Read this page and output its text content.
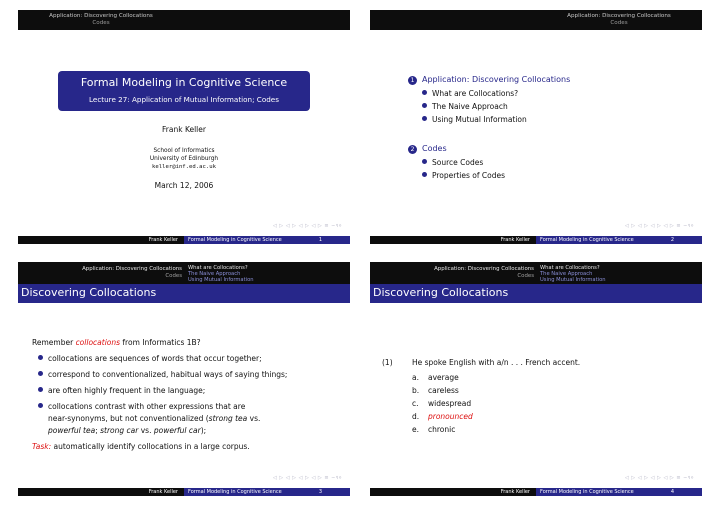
Application: Discovering Collocations
Codes
Formal Modeling in Cognitive Science
Lecture 27: Application of Mutual Information; Codes
Frank Keller
School of Informatics
University of Edinburgh
keller@inf.ed.ac.uk
March 12, 2006
◁ ▷ ◁ ▷ ◁ ▷ ◁ ▷ ≡ ∽९०
Frank Keller Formal Modeling in Cognitive Science	1
Application: Discovering Collocations
Codes
1 Application: Discovering Collocations
What are Collocations?
The Naive Approach
Using Mutual Information
2 Codes
Source Codes
Properties of Codes
◁ ▷ ◁ ▷ ◁ ▷ ◁ ▷ ≡ ∽९०
Frank Keller Formal Modeling in Cognitive Science	2
Application: Discovering Collocations
Codes
What are Collocations?
The Naive Approach
Using Mutual Information
Discovering Collocations
Remember collocations from Informatics 1B?
collocations are sequences of words that occur together;
correspond to conventionalized, habitual ways of saying things;
are often highly frequent in the language;
collocations contrast with other expressions that are
near-synonyms, but not conventionalized (strong tea vs.
powerful tea; strong car vs. powerful car);
Task: automatically identify collocations in a large corpus.
◁ ▷ ◁ ▷ ◁ ▷ ◁ ▷ ≡ ∽९०
Frank Keller Formal Modeling in Cognitive Science	3
Application: Discovering Collocations
Codes
What are Collocations?
The Naive Approach
Using Mutual Information
Discovering Collocations
(1)	He spoke English with a/n . . . French accent.
a. average
b. careless
c. widespread
d. pronounced
e. chronic
◁ ▷ ◁ ▷ ◁ ▷ ◁ ▷ ≡ ∽९०
Frank Keller Formal Modeling in Cognitive Science	4
